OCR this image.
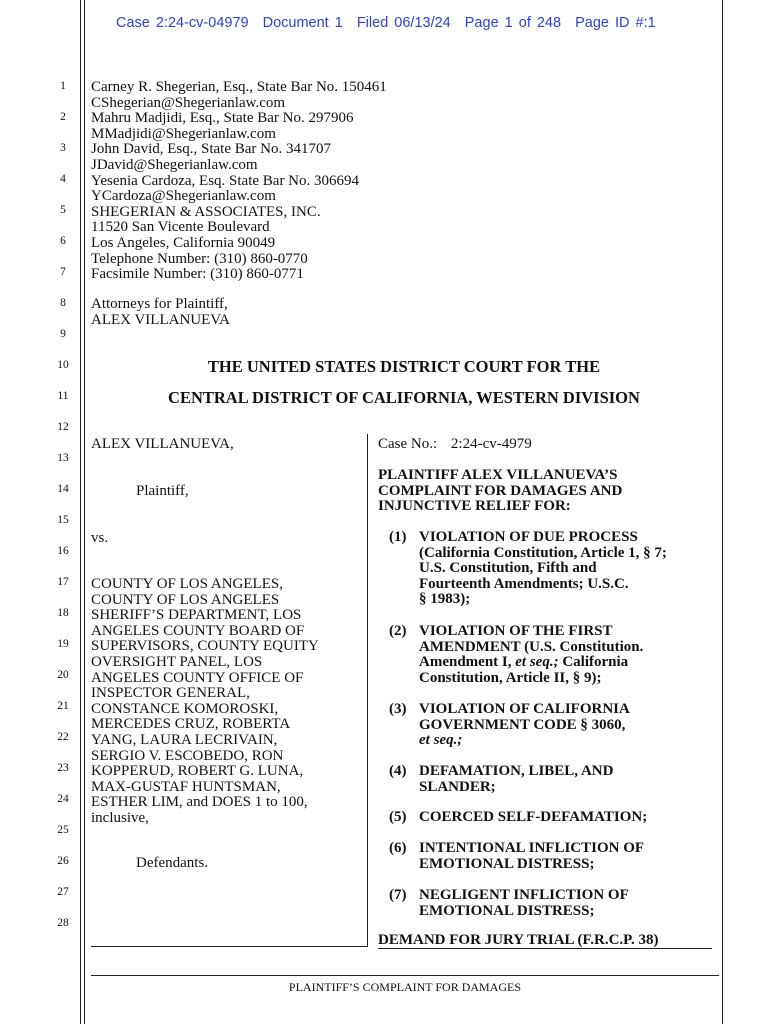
Case 2:24-cv-04979 Document 1 Filed 06/13/24 Page 1 of 248 Page ID #:1
1
2
3
4
5
6
7
8
9
10
11
12
13
14
15
16
17
18
19
20
21
22
23
24
25
26
27
28
Carney R. Shegerian, Esq., State Bar No. 150461
CShegerian@Shegerianlaw.com
Mahru Madjidi, Esq., State Bar No. 297906
MMadjidi@Shegerianlaw.com
John David, Esq., State Bar No. 341707
JDavid@Shegerianlaw.com
Yesenia Cardoza, Esq. State Bar No. 306694
YCardoza@Shegerianlaw.com
SHEGERIAN & ASSOCIATES, INC.
11520 San Vicente Boulevard
Los Angeles, California 90049
Telephone Number: (310) 860-0770
Facsimile Number: (310) 860-0771
Attorneys for Plaintiff,
ALEX VILLANUEVA
THE UNITED STATES DISTRICT COURT FOR THE
CENTRAL DISTRICT OF CALIFORNIA, WESTERN DIVISION
ALEX VILLANUEVA,
Plaintiff,
vs.
COUNTY OF LOS ANGELES,
COUNTY OF LOS ANGELES
SHERIFF’S DEPARTMENT, LOS
ANGELES COUNTY BOARD OF
SUPERVISORS, COUNTY EQUITY
OVERSIGHT PANEL, LOS
ANGELES COUNTY OFFICE OF
INSPECTOR GENERAL,
CONSTANCE KOMOROSKI,
MERCEDES CRUZ, ROBERTA
YANG, LAURA LECRIVAIN,
SERGIO V. ESCOBEDO, RON
KOPPERUD, ROBERT G. LUNA,
MAX-GUSTAF HUNTSMAN,
ESTHER LIM, and DOES 1 to 100,
inclusive,
Defendants.
Case No.: 2:24-cv-4979
PLAINTIFF ALEX VILLANUEVA’S
COMPLAINT FOR DAMAGES AND
INJUNCTIVE RELIEF FOR:
(1) VIOLATION OF DUE PROCESS
(California Constitution, Article 1, § 7;
U.S. Constitution, Fifth and
Fourteenth Amendments; U.S.C.
§ 1983);
(2) VIOLATION OF THE FIRST
AMENDMENT (U.S. Constitution.
Amendment I, et seq.; California
Constitution, Article II, § 9);
(3) VIOLATION OF CALIFORNIA
GOVERNMENT CODE § 3060,
et seq.;
(4) DEFAMATION, LIBEL, AND
SLANDER;
(5) COERCED SELF-DEFAMATION;
(6) INTENTIONAL INFLICTION OF
EMOTIONAL DISTRESS;
(7) NEGLIGENT INFLICTION OF
EMOTIONAL DISTRESS;
DEMAND FOR JURY TRIAL (F.R.C.P. 38)
PLAINTIFF’S COMPLAINT FOR DAMAGES
